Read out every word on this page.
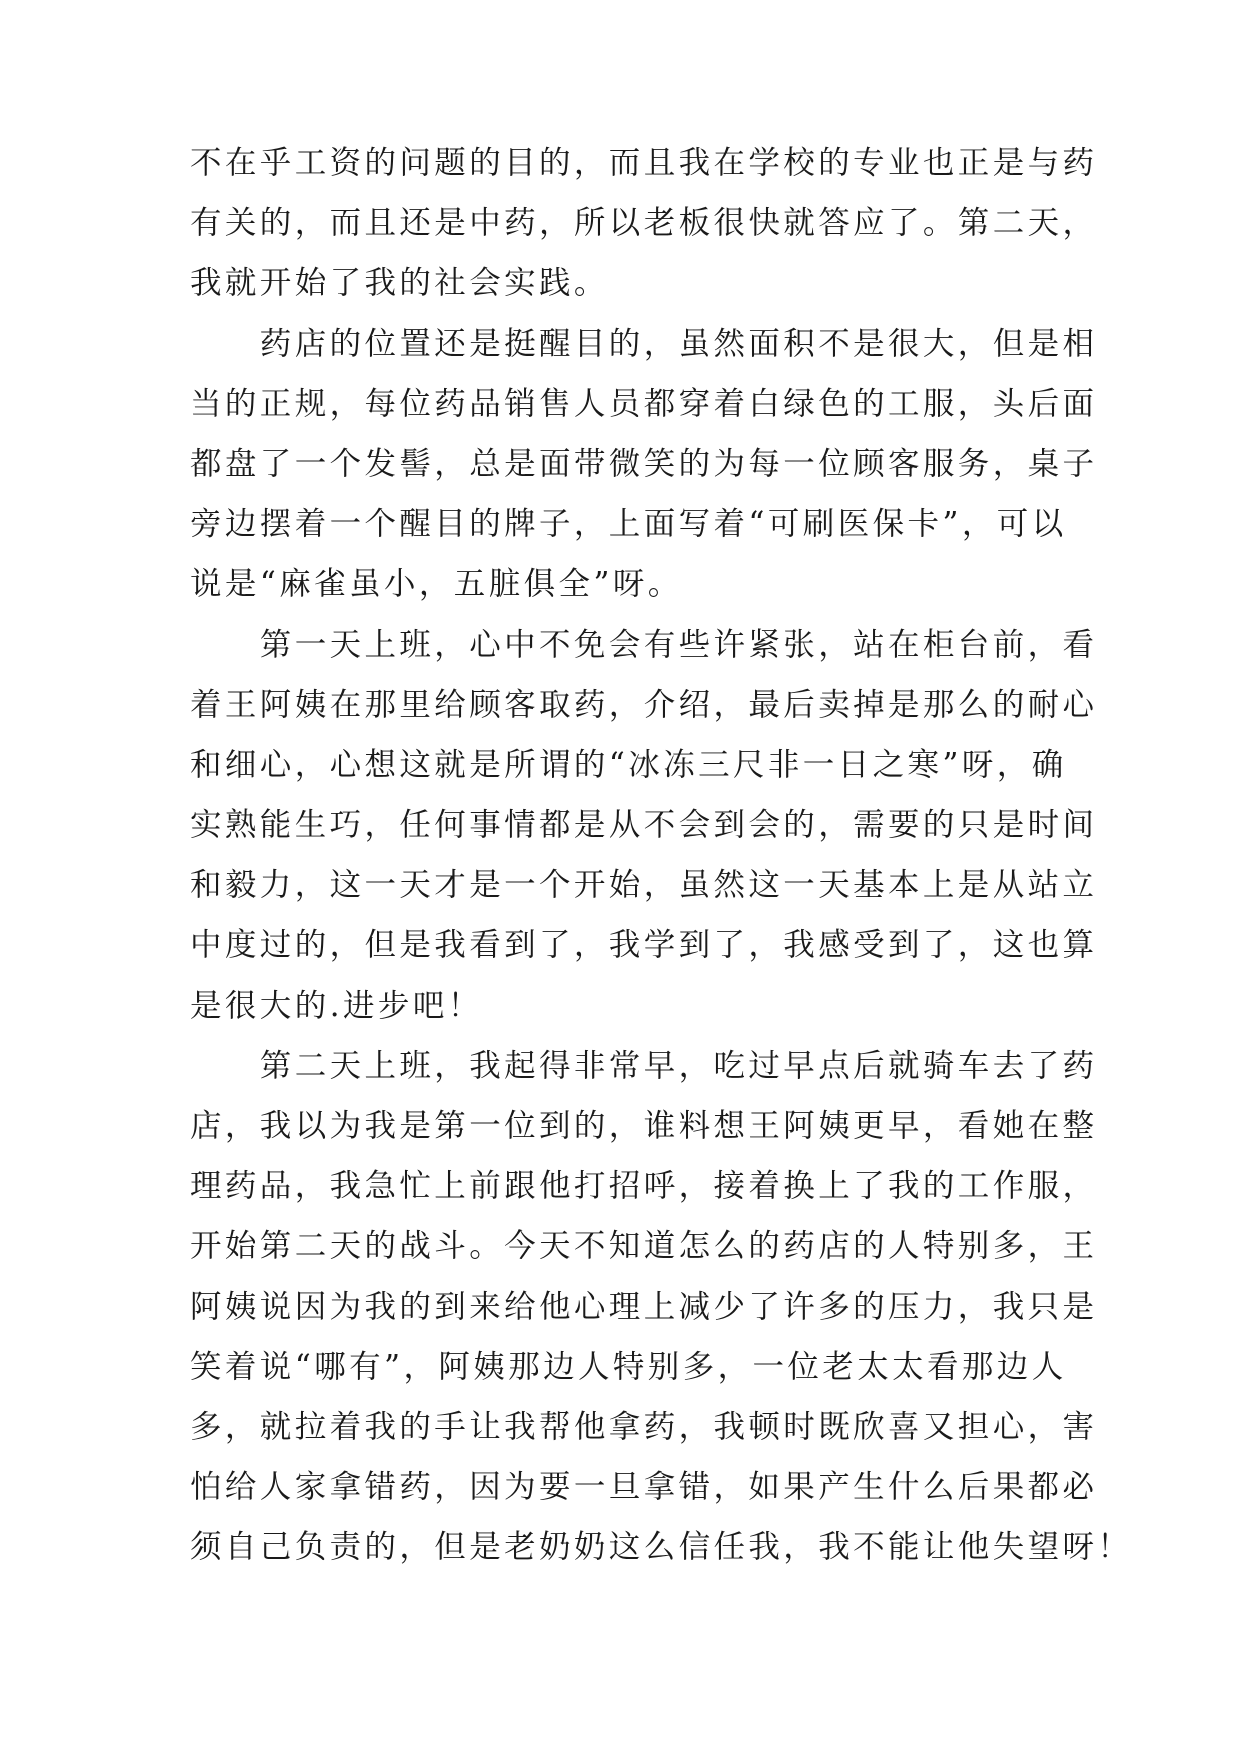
不在乎工资的问题的目的，而且我在学校的专业也正是与药
有关的，而且还是中药，所以老板很快就答应了。第二天，
我就开始了我的社会实践。
　　药店的位置还是挺醒目的，虽然面积不是很大，但是相
当的正规，每位药品销售人员都穿着白绿色的工服，头后面
都盘了一个发髻，总是面带微笑的为每一位顾客服务，桌子
旁边摆着一个醒目的牌子，上面写着“可刷医保卡”，可以
说是“麻雀虽小，五脏俱全”呀。
　　第一天上班，心中不免会有些许紧张，站在柜台前，看
着王阿姨在那里给顾客取药，介绍，最后卖掉是那么的耐心
和细心，心想这就是所谓的“冰冻三尺非一日之寒”呀，确
实熟能生巧，任何事情都是从不会到会的，需要的只是时间
和毅力，这一天才是一个开始，虽然这一天基本上是从站立
中度过的，但是我看到了，我学到了，我感受到了，这也算
是很大的.进步吧！
　　第二天上班，我起得非常早，吃过早点后就骑车去了药
店，我以为我是第一位到的，谁料想王阿姨更早，看她在整
理药品，我急忙上前跟他打招呼，接着换上了我的工作服，
开始第二天的战斗。今天不知道怎么的药店的人特别多，王
阿姨说因为我的到来给他心理上减少了许多的压力，我只是
笑着说“哪有”，阿姨那边人特别多，一位老太太看那边人
多，就拉着我的手让我帮他拿药，我顿时既欣喜又担心，害
怕给人家拿错药，因为要一旦拿错，如果产生什么后果都必
须自己负责的，但是老奶奶这么信任我，我不能让他失望呀！
